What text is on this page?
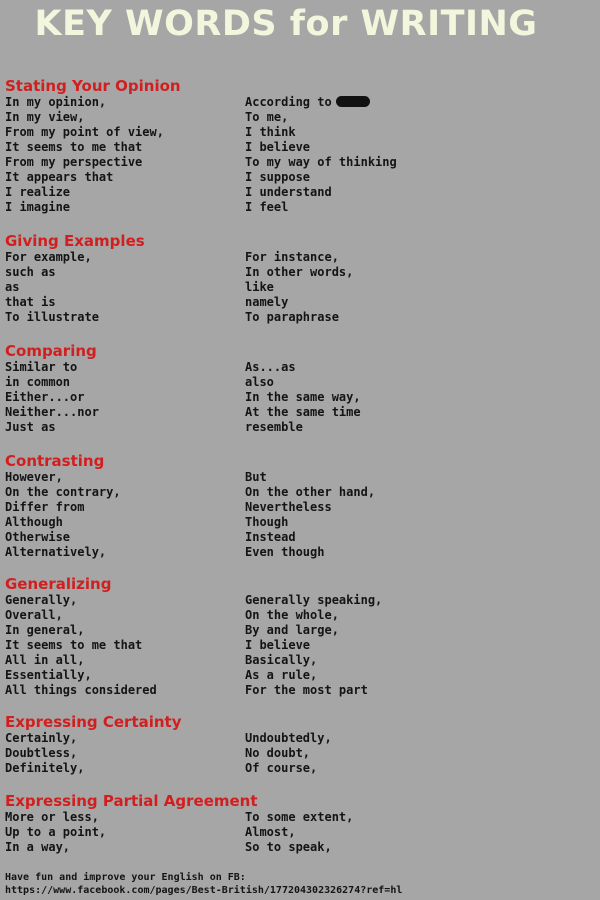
KEY WORDS for WRITING
Stating Your Opinion
In my opinion,	According to
In my view,	To me,
From my point of view,	I think
It seems to me that	I believe
From my perspective	To my way of thinking
It appears that	I suppose
I realize	I understand
I imagine	I feel
Giving Examples
For example,	For instance,
such as	In other words,
as	like
that is	namely
To illustrate	To paraphrase
Comparing
Similar to	As...as
in common	also
Either...or	In the same way,
Neither...nor	At the same time
Just as	resemble
Contrasting
However,	But
On the contrary,	On the other hand,
Differ from	Nevertheless
Although	Though
Otherwise	Instead
Alternatively,	Even though
Generalizing
Generally,	Generally speaking,
Overall,	On the whole,
In general,	By and large,
It seems to me that	I believe
All in all,	Basically,
Essentially,	As a rule,
All things considered	For the most part
Expressing Certainty
Certainly,	Undoubtedly,
Doubtless,	No doubt,
Definitely,	Of course,
Expressing Partial Agreement
More or less,	To some extent,
Up to a point,	Almost,
In a way,	So to speak,
Have fun and improve your English on FB:
https://www.facebook.com/pages/Best-British/177204302326274?ref=hl
